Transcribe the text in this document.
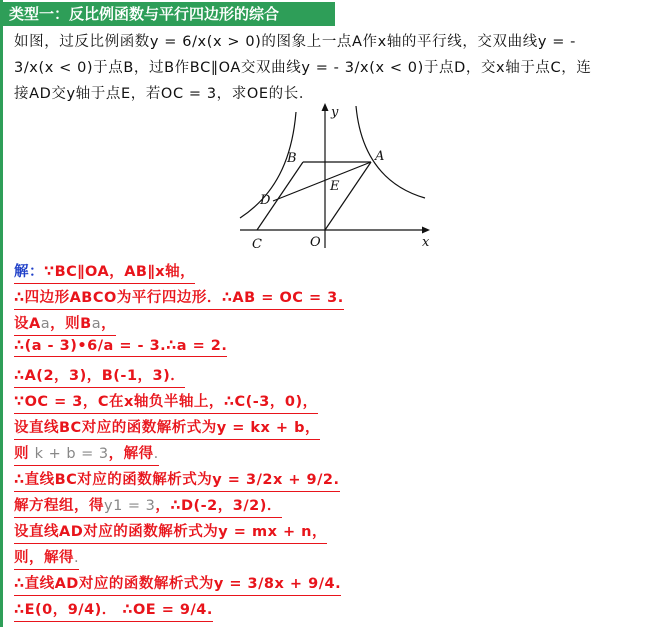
类型一：反比例函数与平行四边形的综合
如图，过反比例函数y = 6/x(x > 0)的图象上一点A作x轴的平行线，交双曲线y = -
3/x(x < 0)于点B，过B作BC∥OA交双曲线y = - 3/x(x < 0)于点D，交x轴于点C，连
接AD交y轴于点E，若OC = 3，求OE的长．
y
x
O
A
B
C
D
E
解：∵BC∥OA，AB∥x轴，
∴四边形ABCO为平行四边形．∴AB = OC = 3.
设Aa，则Ba，
∴(a - 3)•6/a = - 3.∴a = 2.
∴A(2，3)，B(-1，3)．
∵OC = 3，C在x轴负半轴上，∴C(-3，0)，
设直线BC对应的函数解析式为y = kx + b，
则 k + b = 3，解得.
∴直线BC对应的函数解析式为y = 3/2x + 9/2.
解方程组，得y1 = 3，∴D(-2，3/2)．
设直线AD对应的函数解析式为y = mx + n，
则，解得.
∴直线AD对应的函数解析式为y = 3/8x + 9/4.
∴E(0，9/4)． ∴OE = 9/4.
